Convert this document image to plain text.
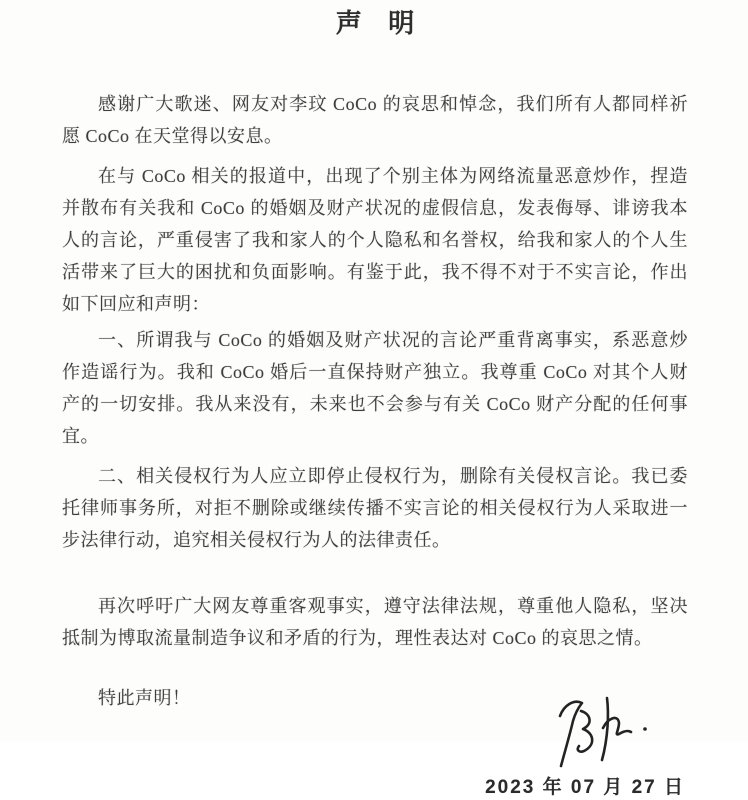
声 明

感谢广大歌迷、网友对李玟 CoCo 的哀思和悼念，我们所有人都同样祈愿 CoCo 在天堂得以安息。

在与 CoCo 相关的报道中，出现了个别主体为网络流量恶意炒作，捏造并散布有关我和 CoCo 的婚姻及财产状况的虚假信息，发表侮辱、诽谤我本人的言论，严重侵害了我和家人的个人隐私和名誉权，给我和家人的个人生活带来了巨大的困扰和负面影响。有鉴于此，我不得不对于不实言论，作出如下回应和声明：

一、所谓我与 CoCo 的婚姻及财产状况的言论严重背离事实，系恶意炒作造谣行为。我和 CoCo 婚后一直保持财产独立。我尊重 CoCo 对其个人财产的一切安排。我从来没有，未来也不会参与有关 CoCo 财产分配的任何事宜。

二、相关侵权行为人应立即停止侵权行为，删除有关侵权言论。我已委托律师事务所，对拒不删除或继续传播不实言论的相关侵权行为人采取进一步法律行动，追究相关侵权行为人的法律责任。

再次呼吁广大网友尊重客观事实，遵守法律法规，尊重他人隐私，坚决抵制为博取流量制造争议和矛盾的行为，理性表达对 CoCo 的哀思之情。

特此声明！

2023 年 07 月 27 日
